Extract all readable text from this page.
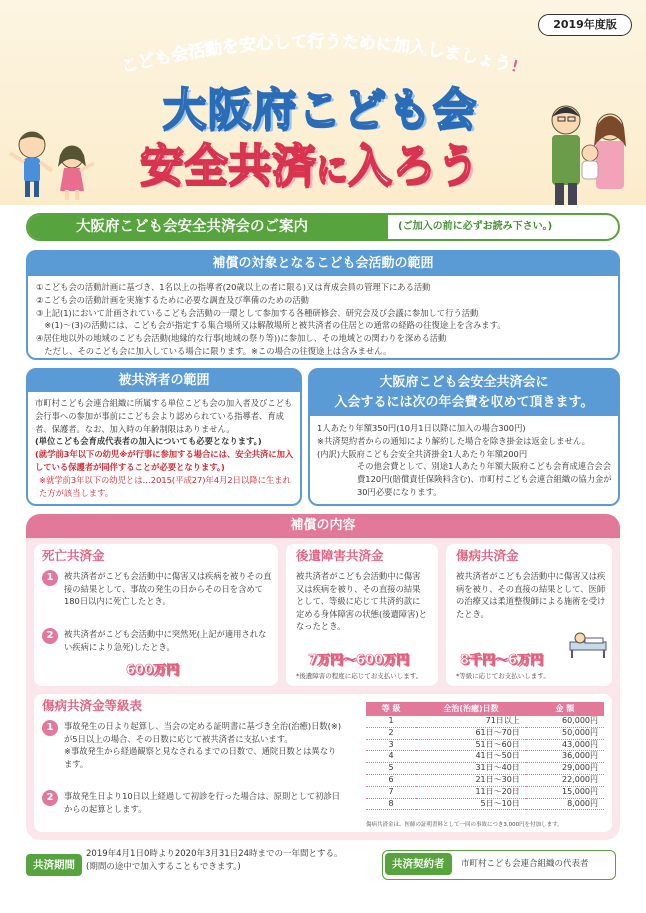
2019年度版
こども会活動を安心して行うために加入しましょう!
大阪府こども会
安全共済に入ろう
大阪府こども会安全共済会のご案内	(ご加入の前に必ずお読み下さい。)
補償の対象となるこども会活動の範囲
①こども会の活動計画に基づき、1名以上の指導者(20歳以上の者に限る)又は育成会員の管理下にある活動
②こども会の活動計画を実施するために必要な調査及び準備のための活動
③上記(1)において計画されているこども会活動の一環として参加する各種研修会、研究会及び会議に参加して行う活動
　※(1)〜(3)の活動には、こども会が指定する集合場所又は解散場所と被共済者の住居との通常の経路の往復途上を含みます。
④居住地以外の地域のこども会活動(地縁的な行事(地域の祭り等))に参加し、その地域との関わりを深める活動
　ただし、そのこども会に加入している場合に限ります。※この場合の往復途上は含みません。
被共済者の範囲
市町村こども会連合組織に所属する単位こども会の加入者及びこども会行事への参加が事前にこども会より認められている指導者、育成者、保護者。なお、加入時の年齢制限はありません。
(単位こども会育成代表者の加入についても必要となります。)
(就学前3年以下の幼児※が行事に参加する場合には、安全共済に加入している保護者が同伴することが必要となります。)
※就学前3年以下の幼児とは…2015(平成27)年4月2日以降に生まれた方が該当します。
大阪府こども会安全共済会に
入会するには次の年会費を収めて頂きます。
1人あたり年額350円(10月1日以降に加入の場合300円)
※共済契約者からの通知により解約した場合を除き掛金は返金しません。
(内訳)大阪府こども会安全共済掛金1人あたり年額200円
その他会費として、別途1人あたり年額大阪府こども会育成連合会会費120円(賠償責任保険料含む)、市町村こども会連合組織の協力金が30円必要になります。
補償の内容
死亡共済金
1	被共済者がこども会活動中に傷害又は疾病を被りその直接の結果として、事故の発生の日からその日を含めて180日以内に死亡したとき。
2	被共済者がこども会活動中に突然死(上記が適用されない疾病により急死)したとき。
600万円
後遺障害共済金
被共済者がこども会活動中に傷害又は疾病を被り、その直接の結果として、等級に応じて共済約款に定める身体障害の状態(後遺障害)となったとき。
7万円〜600万円
*後遺障害の程度に応じてお支払いします。
傷病共済金
被共済者がこども会活動中に傷害又は疾病を被り、その直接の結果として、医師の治療又は柔道整復師による施術を受けたとき。
8千円〜6万円
*等級に応じてお支払いします。
傷病共済金等級表
1	事故発生の日より起算し、当会の定める証明書に基づき全治(治癒)日数(※)が5日以上の場合、その日数に応じて被共済者に支払います。
※事故発生から経過観察と見なされるまでの日数で、通院日数とは異なります。
2	事故発生日より10日以上経過して初診を行った場合は、原則として初診日からの起算とします。
等 級	全治(治癒)日数	金 額
1	71日以上	60,000円
2	61日〜70日	50,000円
3	51日〜60日	43,000円
4	41日〜50日	36,000円
5	31日〜40日	29,000円
6	21日〜30日	22,000円
7	11日〜20日	15,000円
8	5日〜10日	8,000円
傷病共済金は、医師の証明書料として一回の事故につき3,000円を付加します。
共済期間
2019年4月1日0時より2020年3月31日24時までの一年間とする。
(期間の途中で加入することもできます。)	共済契約者	市町村こども会連合組織の代表者
